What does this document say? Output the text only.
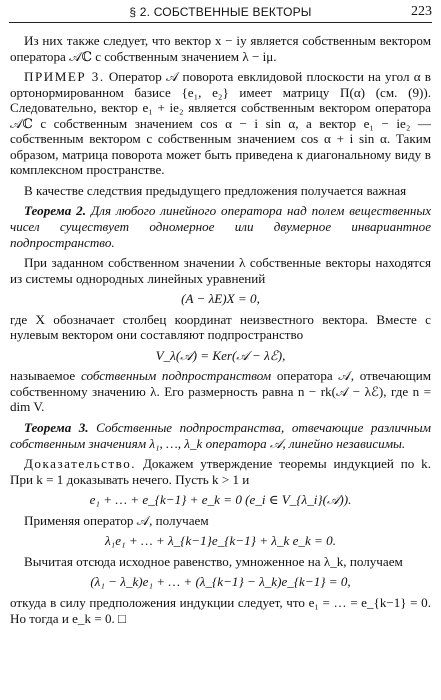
§ 2. СОБСТВЕННЫЕ ВЕКТОРЫ	223

Из них также следует, что вектор x − iy является собственным вектором оператора 𝒜ℂ с собственным значением λ − iμ.

ПРИМЕР 3. Оператор 𝒜 поворота евклидовой плоскости на угол α в ортонормированном базисе {e₁, e₂} имеет матрицу Π(α) (см. (9)). Следовательно, вектор e₁ + ie₂ является собственным вектором оператора 𝒜ℂ с собственным значением cos α − i sin α, а вектор e₁ − ie₂ — собственным вектором с собственным значением cos α + i sin α. Таким образом, матрица поворота может быть приведена к диагональному виду в комплексном пространстве.

В качестве следствия предыдущего предложения получается важная

Теорема 2. Для любого линейного оператора над полем вещественных чисел существует одномерное или двумерное инвариантное подпространство.

При заданном собственном значении λ собственные векторы находятся из системы однородных линейных уравнений

(A − λE)X = 0,

где X обозначает столбец координат неизвестного вектора. Вместе с нулевым вектором они составляют подпространство

V_λ(𝒜) = Ker(𝒜 − λℰ),

называемое собственным подпространством оператора 𝒜, отвечающим собственному значению λ. Его размерность равна n − rk(𝒜 − λℰ), где n = dim V.

Теорема 3. Собственные подпространства, отвечающие различным собственным значениям λ₁, …, λ_k оператора 𝒜, линейно независимы.

Доказательство. Докажем утверждение теоремы индукцией по k. При k = 1 доказывать нечего. Пусть k > 1 и

e₁ + … + e_{k−1} + e_k = 0 (e_i ∈ V_{λ_i}(𝒜)).

Применяя оператор 𝒜, получаем

λ₁e₁ + … + λ_{k−1}e_{k−1} + λ_k e_k = 0.

Вычитая отсюда исходное равенство, умноженное на λ_k, получаем

(λ₁ − λ_k)e₁ + … + (λ_{k−1} − λ_k)e_{k−1} = 0,

откуда в силу предположения индукции следует, что e₁ = … = e_{k−1} = 0. Но тогда и e_k = 0. □
